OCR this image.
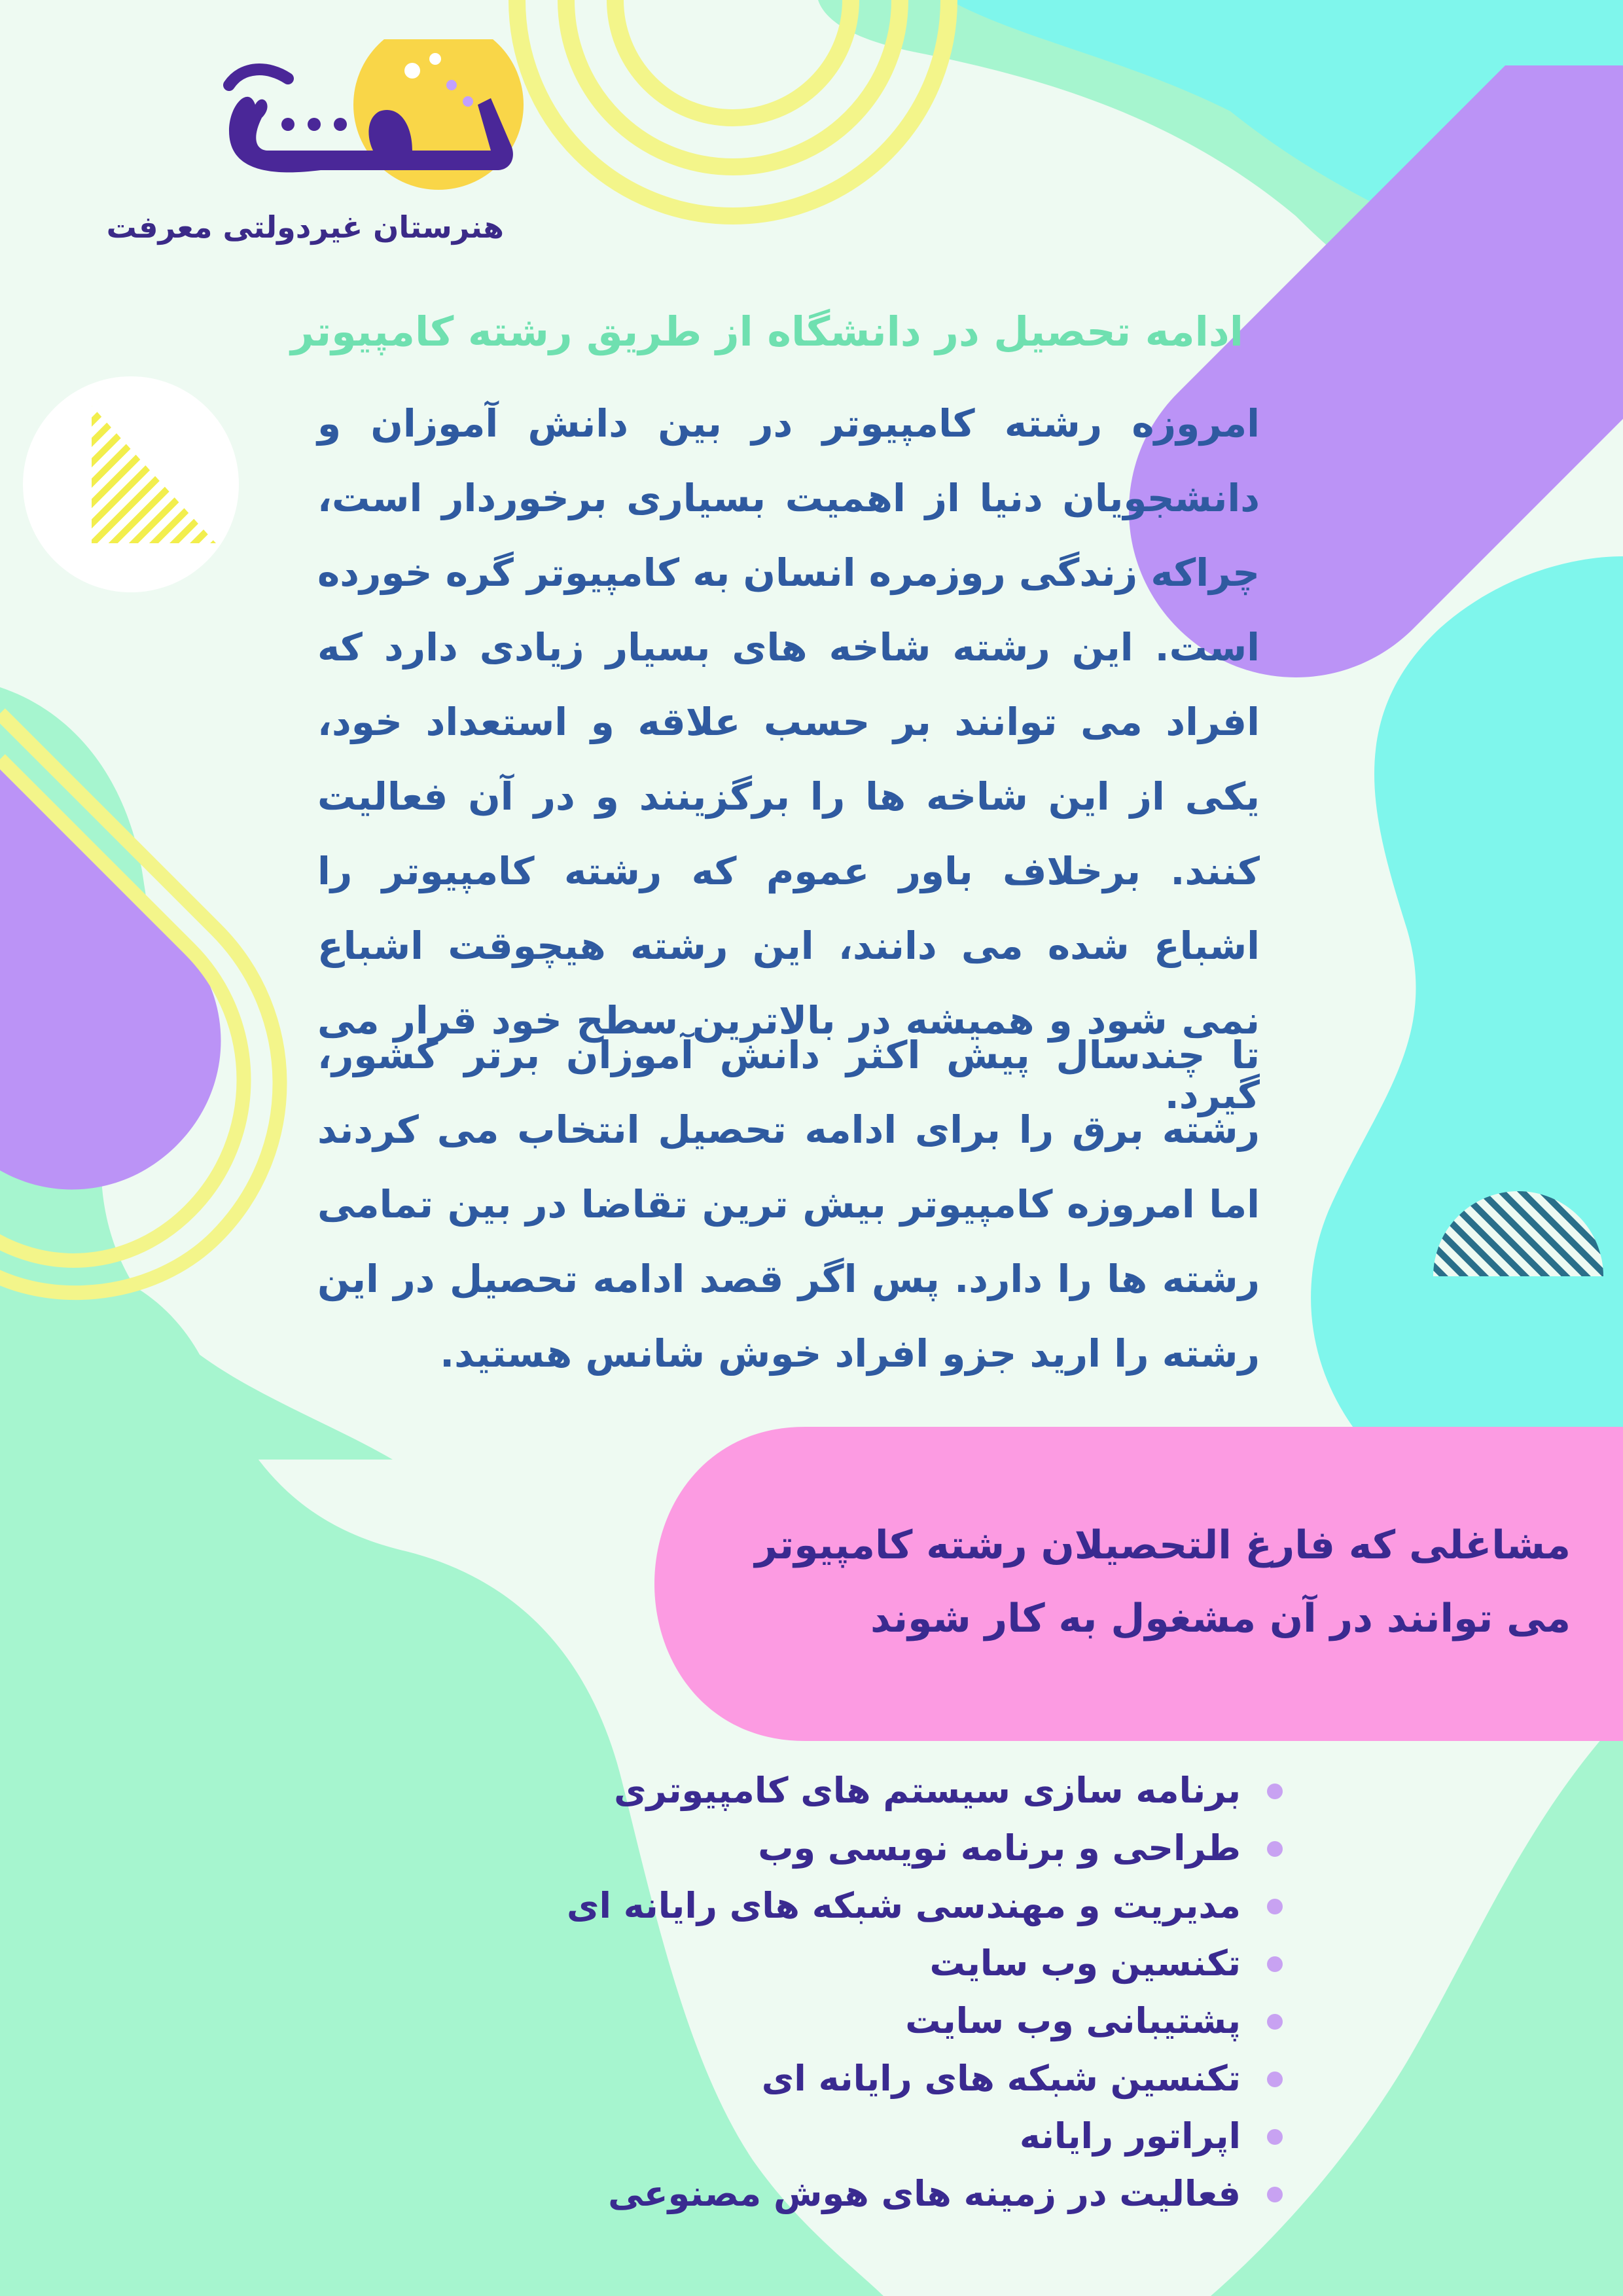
هنرستان غیردولتی معرفت
ادامه تحصیل در دانشگاه از طریق رشته کامپیوتر
امروزه رشته کامپیوتر در بین دانش آموزان و دانشجویان دنیا از اهمیت بسیاری برخوردار است، چراکه زندگی روزمره انسان به کامپیوتر گره خورده است. این رشته شاخه های بسیار زیادی دارد که افراد می توانند بر حسب علاقه و استعداد خود، یکی از این شاخه ها را برگزینند و در آن فعالیت کنند. برخلاف باور عموم که رشته کامپیوتر را اشباع شده می دانند، این رشته هیچوقت اشباع نمی شود و همیشه در بالاترین سطح خود قرار می گیرد.
تا چندسال پیش اکثر دانش آموزان برتر کشور، رشته برق را برای ادامه تحصیل انتخاب می کردند اما امروزه کامپیوتر بیش ترین تقاضا در بین تمامی رشته ها را دارد. پس اگر قصد ادامه تحصیل در این رشته را ارید جزو افراد خوش شانس هستید.
مشاغلی که فارغ التحصیلان رشته کامپیوتر
می توانند در آن مشغول به کار شوند
برنامه سازی سیستم های کامپیوتری
طراحی و برنامه نویسی وب
مدیریت و مهندسی شبکه های رایانه ای
تکنسین وب سایت
پشتیبانی وب سایت
تکنسین شبکه های رایانه ای
اپراتور رایانه
فعالیت در زمینه های هوش مصنوعی
